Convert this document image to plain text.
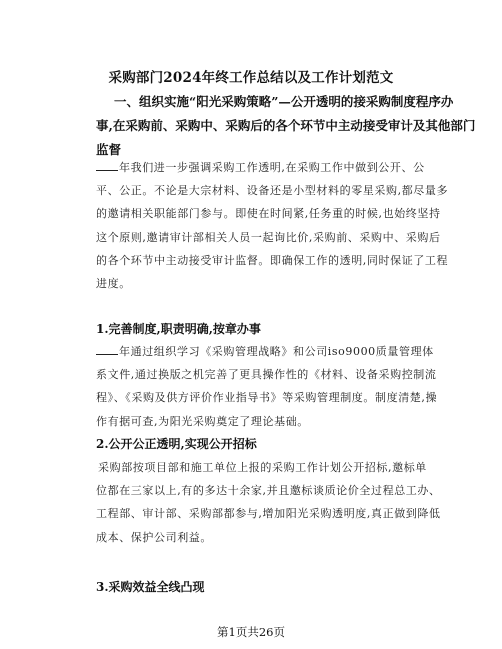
采购部门2024年终工作总结以及工作计划范文
一、组织实施“阳光采购策略”—公开透明的接采购制度程序办
事,在采购前、采购中、采购后的各个环节中主动接受审计及其他部门
监督
年我们进一步强调采购工作透明,在采购工作中做到公开、公
平、公正。不论是大宗材料、设备还是小型材料的零星采购,都尽量多
的邀请相关职能部门参与。即使在时间紧,任务重的时候,也始终坚持
这个原则,邀请审计部相关人员一起询比价,采购前、采购中、采购后
的各个环节中主动接受审计监督。即确保工作的透明,同时保证了工程
进度。
1.完善制度,职责明确,按章办事
年通过组织学习《采购管理战略》和公司iso9000质量管理体
系文件,通过换版之机完善了更具操作性的《材料、设备采购控制流
程》、《采购及供方评价作业指导书》等采购管理制度。制度清楚,操
作有据可查,为阳光采购奠定了理论基础。
2.公开公正透明,实现公开招标
采购部按项目部和施工单位上报的采购工作计划公开招标,邀标单
位都在三家以上,有的多达十余家,并且邀标谈质论价全过程总工办、
工程部、审计部、采购部都参与,增加阳光采购透明度,真正做到降低
成本、保护公司利益。
3.采购效益全线凸现
第1页共26页
